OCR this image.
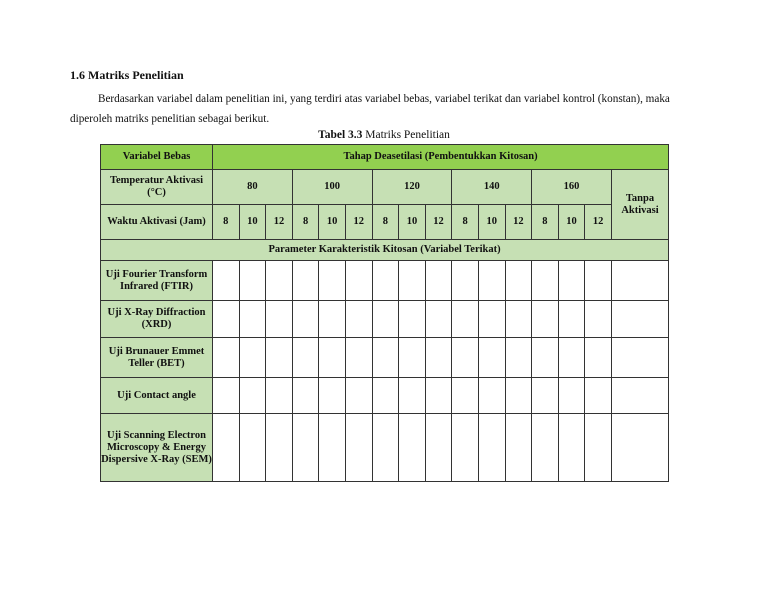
1.6 Matriks Penelitian
Berdasarkan variabel dalam penelitian ini, yang terdiri atas variabel bebas, variabel terikat dan variabel kontrol (konstan), maka
diperoleh matriks penelitian sebagai berikut.
Tabel 3.3 Matriks Penelitian
Variabel Bebas	Tahap Deasetilasi (Pembentukkan Kitosan)															
Temperatur Aktivasi (°C)	80			100			120			140			160			Tanpa Aktivasi
Waktu Aktivasi (Jam)	8	10	12	8	10	12	8	10	12	8	10	12	8	10	12	
Parameter Karakteristik Kitosan (Variabel Terikat)																
Uji Fourier Transform Infrared (FTIR)																
Uji X-Ray Diffraction (XRD)																
Uji Brunauer Emmet Teller (BET)																
Uji Contact angle																
Uji Scanning Electron Microscopy & Energy Dispersive X-Ray (SEM)																
